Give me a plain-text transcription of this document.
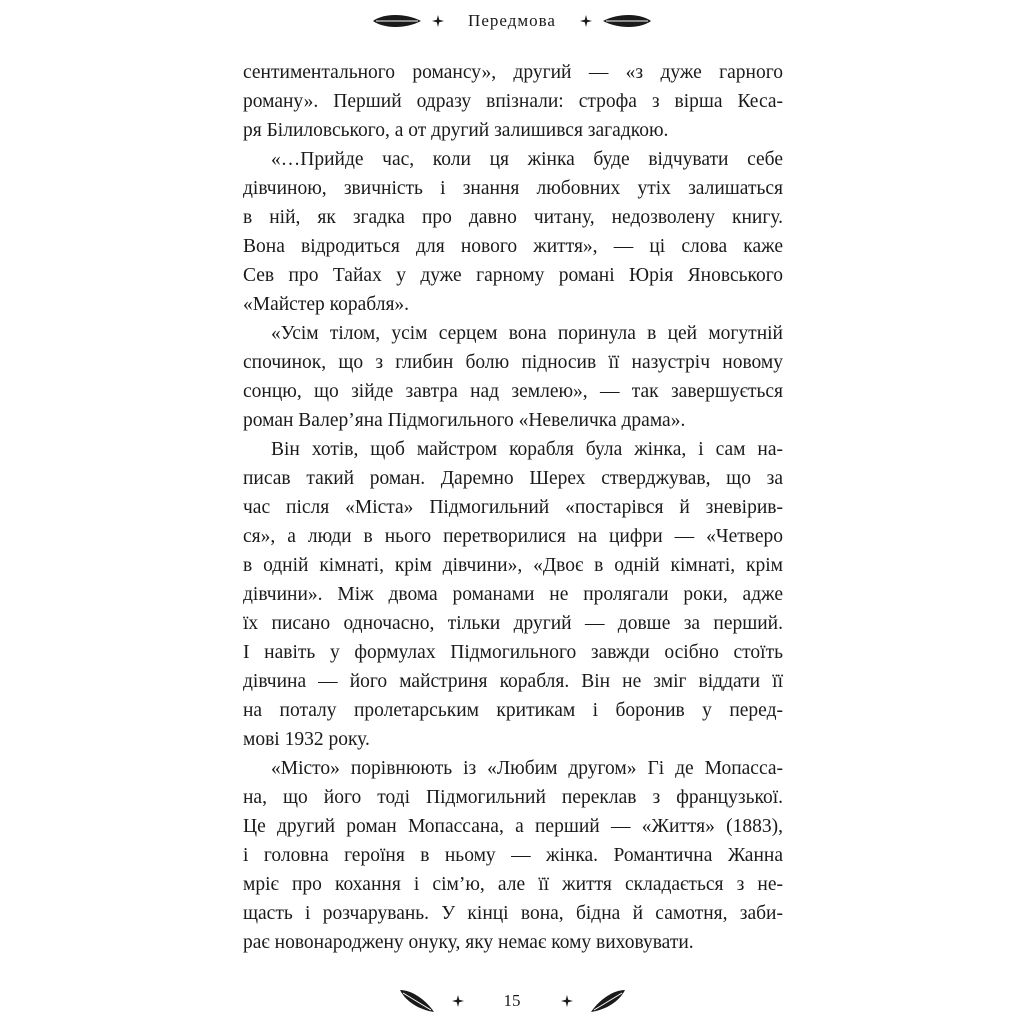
Передмова

сентиментального романсу», другий — «з дуже гарного
роману». Перший одразу впізнали: строфа з вірша Кеса-
ря Білиловського, а от другий залишився загадкою.

«…Прийде час, коли ця жінка буде відчувати себе
дівчиною, звичність і знання любовних утіх залишаться
в ній, як згадка про давно читану, недозволену книгу.
Вона відродиться для нового життя», — ці слова каже
Сев про Тайах у дуже гарному романі Юрія Яновського
«Майстер корабля».

«Усім тілом, усім серцем вона поринула в цей могутній
спочинок, що з глибин болю підносив її назустріч новому
сонцю, що зійде завтра над землею», — так завершується
роман Валер’яна Підмогильного «Невеличка драма».

Він хотів, щоб майстром корабля була жінка, і сам на-
писав такий роман. Даремно Шерех стверджував, що за
час після «Міста» Підмогильний «постарівся й зневірив-
ся», а люди в нього перетворилися на цифри — «Четверо
в одній кімнаті, крім дівчини», «Двоє в одній кімнаті, крім
дівчини». Між двома романами не пролягали роки, адже
їх писано одночасно, тільки другий — довше за перший.
І навіть у формулах Підмогильного завжди осібно стоїть
дівчина — його майстриня корабля. Він не зміг віддати її
на поталу пролетарським критикам і боронив у перед-
мові 1932 року.

«Місто» порівнюють із «Любим другом» Гі де Мопасса-
на, що його тоді Підмогильний переклав з французької.
Це другий роман Мопассана, а перший — «Життя» (1883),
і головна героїня в ньому — жінка. Романтична Жанна
мріє про кохання і сім’ю, але її життя складається з не-
щасть і розчарувань. У кінці вона, бідна й самотня, заби-
рає новонароджену онуку, яку немає кому виховувати.

15
